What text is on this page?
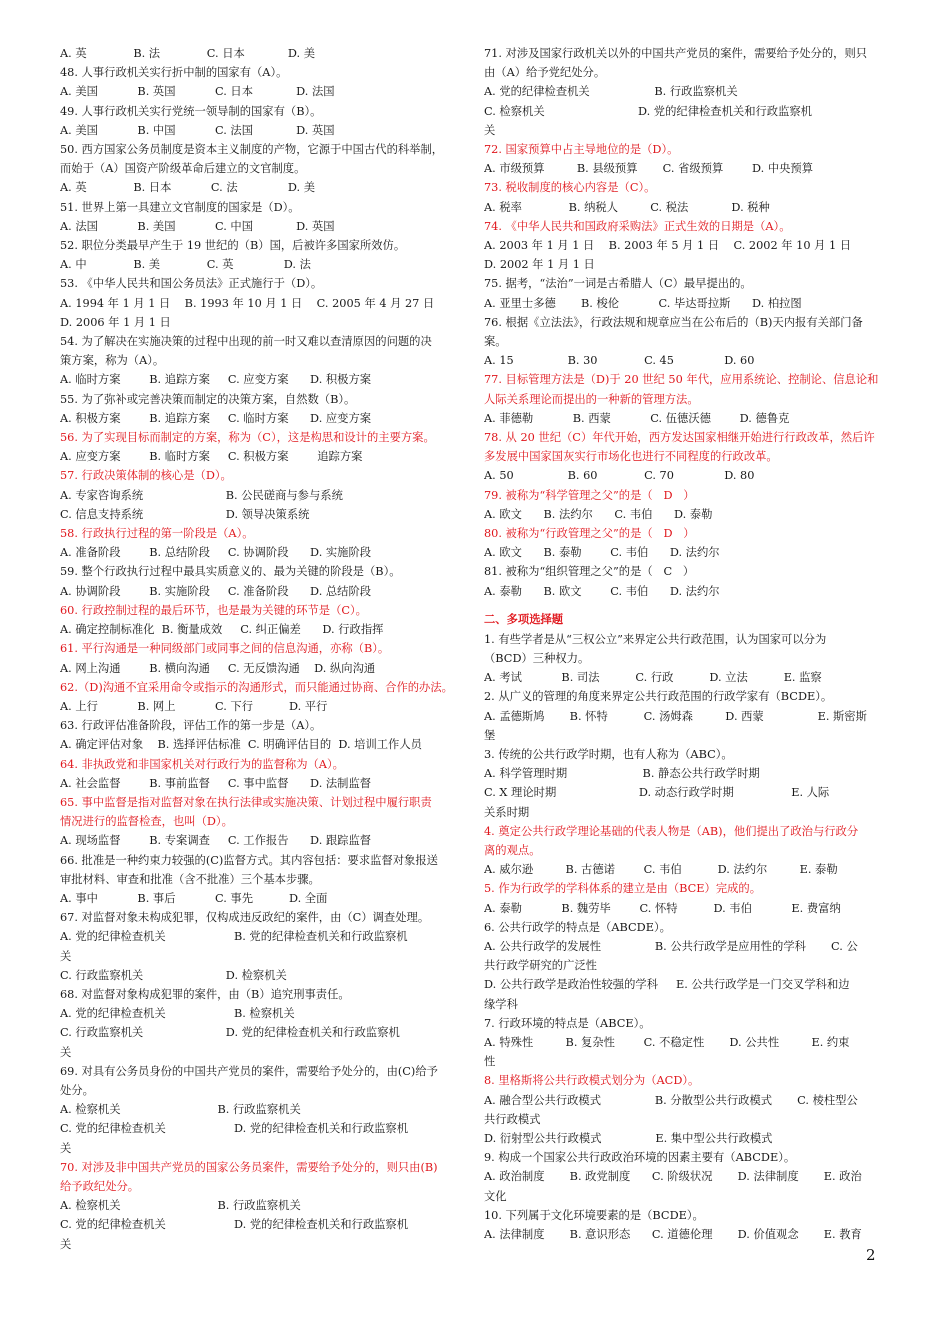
A. 英             B. 法             C. 日本            D. 美
48. 人事行政机关实行折中制的国家有（A）。
A. 美国           B. 英国           C. 日本            D. 法国
49. 人事行政机关实行党统一领导制的国家有（B）。
A. 美国           B. 中国           C. 法国            D. 英国
50. 西方国家公务员制度是资本主义制度的产物，它源于中国古代的科举制，
而始于（A）国资产阶级革命后建立的文官制度。
A. 英             B. 日本           C. 法              D. 美
51. 世界上第一具建立文官制度的国家是（D）。
A. 法国           B. 美国           C. 中国            D. 英国
52. 职位分类最早产生于 19 世纪的（B）国，后被许多国家所效仿。
A. 中             B. 美             C. 英              D. 法
53. 《中华人民共和国公务员法》正式施行于（D）。
A. 1994 年 1 月 1 日    B. 1993 年 10 月 1 日    C. 2005 年 4 月 27 日
D. 2006 年 1 月 1 日
54. 为了解决在实施决策的过程中出现的前一时又难以查清原因的问题的决
策方案，称为（A）。
A. 临时方案        B. 追踪方案     C. 应变方案      D. 积极方案
55. 为了弥补或完善决策而制定的决策方案，自然数（B）。
A. 积极方案        B. 追踪方案     C. 临时方案      D. 应变方案
56. 为了实现目标而制定的方案，称为（C），这是构思和设计的主要方案。
A. 应变方案        B. 临时方案     C. 积极方案        追踪方案
57. 行政决策体制的核心是（D）。
A. 专家咨询系统                       B. 公民磋商与参与系统
C. 信息支持系统                       D. 领导决策系统
58. 行政执行过程的第一阶段是（A）。
A. 准备阶段        B. 总结阶段     C. 协调阶段      D. 实施阶段
59. 整个行政执行过程中最具实质意义的、最为关键的阶段是（B）。
A. 协调阶段        B. 实施阶段     C. 准备阶段      D. 总结阶段
60. 行政控制过程的最后环节，也是最为关键的环节是（C）。
A. 确定控制标准化  B. 衡量成效     C. 纠正偏差      D. 行政指挥
61. 平行沟通是一种同级部门或同事之间的信息沟通，亦称（B）。
A. 网上沟通        B. 横向沟通     C. 无反馈沟通    D. 纵向沟通
62.（D)沟通不宜采用命令或指示的沟通形式，而只能通过协商、合作的办法。
A. 上行           B. 网上           C. 下行          D. 平行
63. 行政评估准备阶段，评估工作的第一步是（A）。
A. 确定评估对象    B. 选择评估标准  C. 明确评估目的  D. 培训工作人员
64. 非执政党和非国家机关对行政行为的监督称为（A）。
A. 社会监督        B. 事前监督     C. 事中监督      D. 法制监督
65. 事中监督是指对监督对象在执行法律或实施决策、计划过程中履行职责
情况进行的监督检查，也叫（D）。
A. 现场监督        B. 专案调查     C. 工作报告      D. 跟踪监督
66. 批准是一种约束力较强的(C)监督方式。其内容包括：要求监督对象报送
审批材料、审查和批准（含不批准）三个基本步骤。
A. 事中           B. 事后           C. 事先          D. 全面
67. 对监督对象未构成犯罪，仅构成违反政纪的案件，由（C）调查处理。
A. 党的纪律检查机关                   B. 党的纪律检查机关和行政监察机
关
C. 行政监察机关                       D. 检察机关
68. 对监督对象构成犯罪的案件，由（B）追究刑事责任。
A. 党的纪律检查机关                   B. 检察机关
C. 行政监察机关                       D. 党的纪律检查机关和行政监察机
关
69. 对具有公务员身份的中国共产党员的案件，需要给予处分的，由(C)给予
处分。
A. 检察机关                           B. 行政监察机关
C. 党的纪律检查机关                   D. 党的纪律检查机关和行政监察机
关
70. 对涉及非中国共产党员的国家公务员案件，需要给予处分的，则只由(B)
给予政纪处分。
A. 检察机关                           B. 行政监察机关
C. 党的纪律检查机关                   D. 党的纪律检查机关和行政监察机
关
71. 对涉及国家行政机关以外的中国共产党员的案件，需要给予处分的，则只
由（A）给予党纪处分。
A. 党的纪律检查机关                  B. 行政监察机关
C. 检察机关                          D. 党的纪律检查机关和行政监察机
关
72. 国家预算中占主导地位的是（D）。
A. 市级预算         B. 县级预算       C. 省级预算        D. 中央预算
73. 税收制度的核心内容是（C）。
A. 税率             B. 纳税人         C. 税法            D. 税种
74. 《中华人民共和国政府采购法》正式生效的日期是（A）。
A. 2003 年 1 月 1 日    B. 2003 年 5 月 1 日    C. 2002 年 10 月 1 日
D. 2002 年 1 月 1 日
75. 据考，“法治”一词是古希腊人（C）最早提出的。
A. 亚里士多德       B. 梭伦           C. 毕达哥拉斯      D. 柏拉图
76. 根据《立法法》，行政法规和规章应当在公布后的（B)天内报有关部门备
案。
A. 15               B. 30             C. 45              D. 60
77. 目标管理方法是（D)于 20 世纪 50 年代，应用系统论、控制论、信息论和
人际关系理论而提出的一种新的管理方法。
A. 菲德勒           B. 西蒙           C. 伍德沃德        D. 德鲁克
78. 从 20 世纪（C）年代开始，西方发达国家相继开始进行行政改革，然后许
多发展中国家国灰实行市场化也进行不同程度的行政改革。
A. 50               B. 60             C. 70              D. 80
79. 被称为“科学管理之父”的是（   D   ）
A. 欧文      B. 法约尔      C. 韦伯      D. 泰勒
80. 被称为“行政管理之父”的是（   D   ）
A. 欧文      B. 泰勒        C. 韦伯      D. 法约尔
81. 被称为“组织管理之父”的是（   C   ）
A. 泰勒      B. 欧文        C. 韦伯      D. 法约尔
二、多项选择题
1. 有些学者是从“三权公立”来界定公共行政范围，认为国家可以分为
（BCD）三种权力。
A. 考试           B. 司法          C. 行政          D. 立法          E. 监察
2. 从广义的管理的角度来界定公共行政范围的行政学家有（BCDE）。
A. 孟德斯鸠       B. 怀特          C. 汤姆森         D. 西蒙               E. 斯密斯
堡
3. 传统的公共行政学时期，也有人称为（ABC）。
A. 科学管理时期                     B. 静态公共行政学时期
C. X 理论时期                       D. 动态行政学时期                E. 人际
关系时期
4. 奠定公共行政学理论基础的代表人物是（AB)，他们提出了政治与行政分
离的观点。
A. 威尔逊         B. 古德诺        C. 韦伯          D. 法约尔         E. 泰勒
5. 作为行政学的学科体系的建立是由（BCE）完成的。
A. 泰勒           B. 魏劳毕        C. 怀特          D. 韦伯           E. 费富纳
6. 公共行政学的特点是（ABCDE）。
A. 公共行政学的发展性               B. 公共行政学是应用性的学科       C. 公
共行政学研究的广泛性
D. 公共行政学是政治性较强的学科     E. 公共行政学是一门交叉学科和边
缘学科
7. 行政环境的特点是（ABCE）。
A. 特殊性         B. 复杂性        C. 不稳定性       D. 公共性         E. 约束
性
8. 里格斯将公共行政模式划分为（ACD）。
A. 融合型公共行政模式               B. 分散型公共行政模式       C. 棱柱型公
共行政模式
D. 衍射型公共行政模式               E. 集中型公共行政模式
9. 构成一个国家公共行政政治环境的因素主要有（ABCDE）。
A. 政治制度       B. 政党制度      C. 阶级状况       D. 法律制度       E. 政治
文化
10. 下列属于文化环境要素的是（BCDE）。
A. 法律制度       B. 意识形态      C. 道德伦理       D. 价值观念       E. 教育
2
